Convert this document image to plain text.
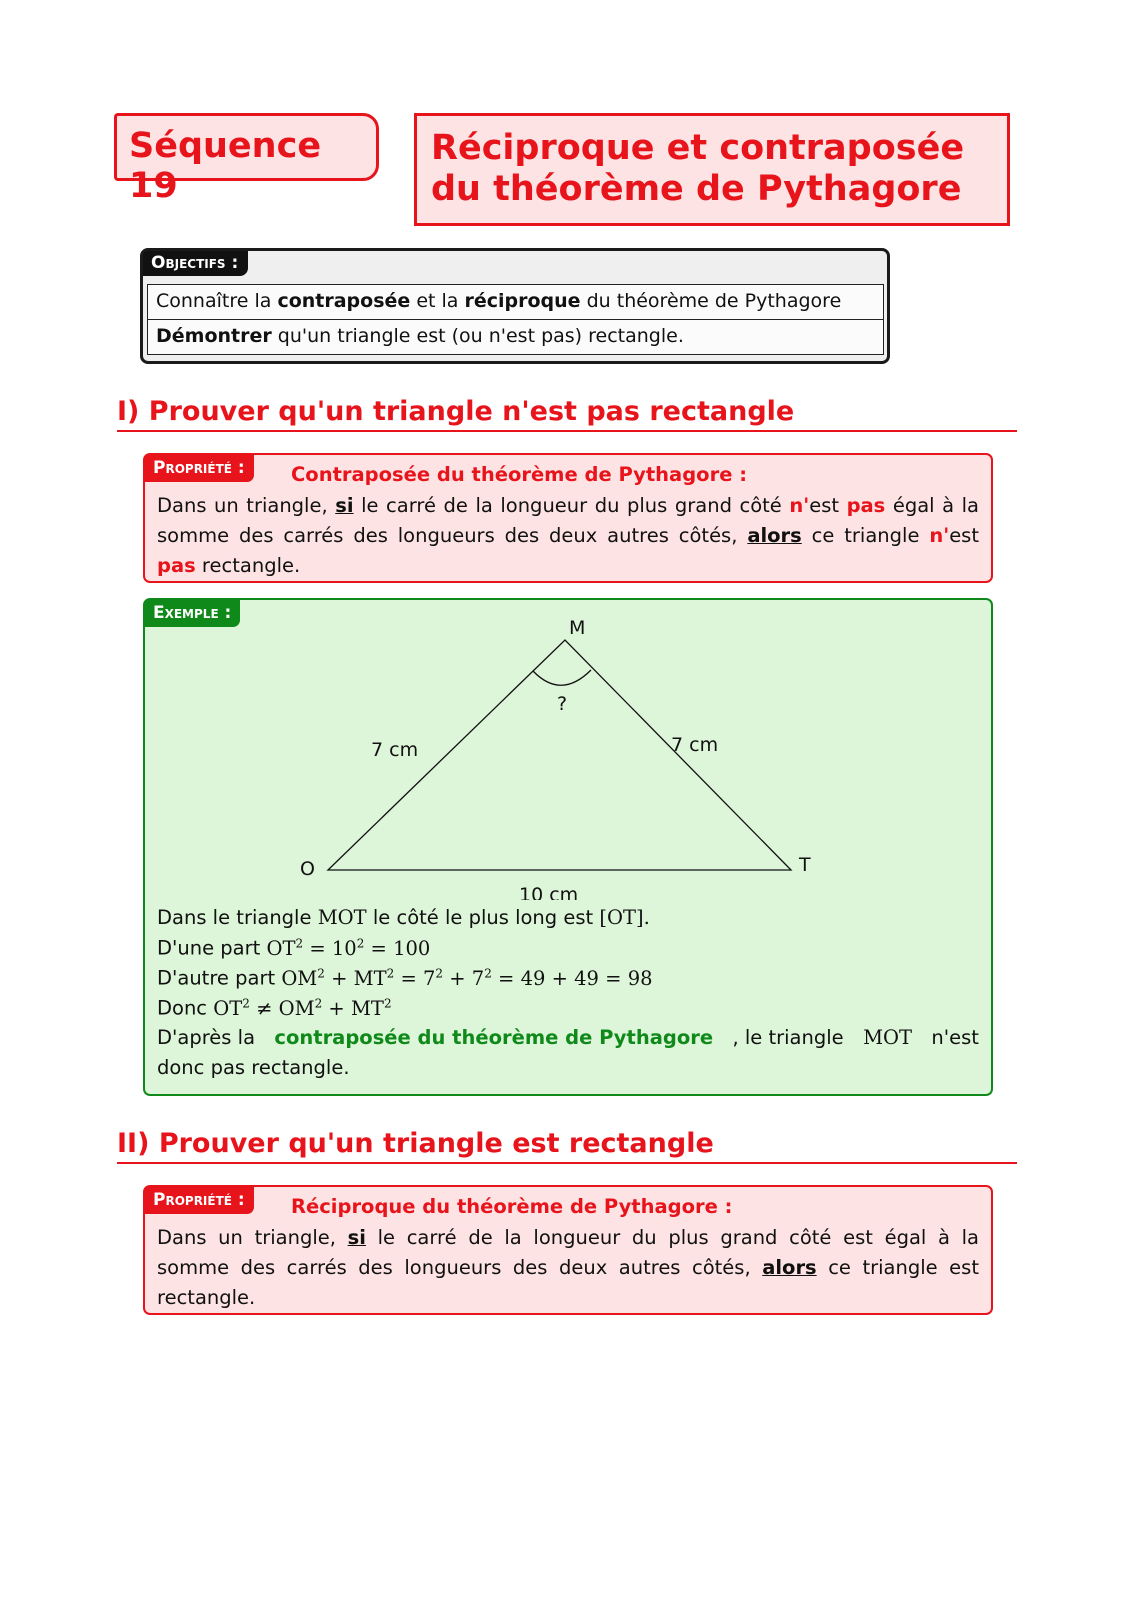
Séquence 19
Réciproque et contraposée
du théorème de Pythagore
Objectifs :
Connaître la contraposée et la réciproque du théorème de Pythagore
Démontrer qu'un triangle est (ou n'est pas) rectangle.
I) Prouver qu'un triangle n'est pas rectangle
Propriété :	Contraposée du théorème de Pythagore :
Dans un triangle, si le carré de la longueur du plus grand côté n'est pas égal à la
somme des carrés des longueurs des deux autres côtés, alors ce triangle n'est
pas rectangle.
Exemple :
M
O	T
?
7 cm	7 cm
10 cm
Dans le triangle MOT le côté le plus long est [OT].
D'une part $OT^2 = 10^2 = 100$
D'autre part $OM^2 + MT^2 = 7^2 + 7^2 = 49 + 49 = 98$
Donc $OT^2 \ne OM^2 + MT^2$
D'après la contraposée du théorème de Pythagore , le triangle MOT n'est
donc pas rectangle.
II) Prouver qu'un triangle est rectangle
Propriété :	Réciproque du théorème de Pythagore :
Dans un triangle, si le carré de la longueur du plus grand côté est égal à la
somme des carrés des longueurs des deux autres côtés, alors ce triangle est
rectangle.
